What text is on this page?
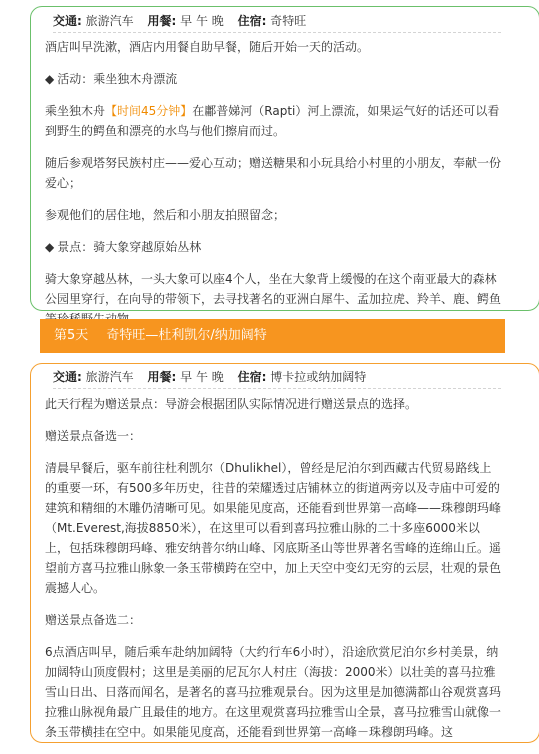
交通: 旅游汽车 用餐: 早 午 晚 住宿: 奇特旺

酒店叫早洗漱，酒店内用餐自助早餐，随后开始一天的活动。

◆ 活动：乘坐独木舟漂流

乘坐独木舟【时间45分钟】在鄘普娣河（Rapti）河上漂流，如果运气好的话还可以看到野生的鳄鱼和漂亮的水鸟与他们擦肩而过。

随后参观塔努民族村庄——爱心互动；赠送糖果和小玩具给小村里的小朋友，奉献一份爱心；

参观他们的居住地，然后和小朋友拍照留念；

◆ 景点：骑大象穿越原始丛林

骑大象穿越丛林，一头大象可以座4个人，坐在大象背上缓慢的在这个南亚最大的森林公园里穿行，在向导的带领下，去寻找著名的亚洲白犀牛、孟加拉虎、羚羊、鹿、鳄鱼

第5天 奇特旺—杜利凯尔/纳加阔特
交通: 旅游汽车 用餐: 早 午 晚 住宿: 博卡拉或纳加阔特

此天行程为赠送景点：导游会根据团队实际情况进行赠送景点的选择。

赠送景点备选一：

清晨早餐后，驱车前往杜利凯尔（Dhulikhel），曾经是尼泊尔到西藏古代贸易路线上的重要一环，有500多年历史，往昔的荣耀透过店铺林立的街道两旁以及寺庙中可爱的建筑和精细的木雕仍清晰可见。如果能见度高，还能看到世界第一高峰——珠穆朗玛峰（Mt.Everest,海拔8850米），在这里可以看到喜玛拉雅山脉的二十多座6000米以上，包括珠穆朗玛峰、雅安纳普尔纳山峰、冈底斯圣山等世界著名雪峰的连绵山丘。遥望前方喜马拉雅山脉象一条玉带横跨在空中，加上天空中变幻无穷的云层，壮观的景色震撼人心。

赠送景点备选二：

6点酒店叫早，随后乘车赴纳加阔特（大约行车6小时），沿途欣赏尼泊尔乡村美景，纳加阔特山顶度假村；这里是美丽的尼瓦尔人村庄（海拔：2000米）以壮美的喜马拉雅雪山日出、日落而闻名，是著名的喜马拉雅观景台。因为这里是加德满都山谷观赏喜玛拉雅山脉视角最广且最佳的地方。在这里观赏喜玛拉雅雪山全景，喜马拉雅雪山就像一条玉带横挂在空中。如果能见度高，还能看到世界第一高峰－珠穆朗玛峰。这
